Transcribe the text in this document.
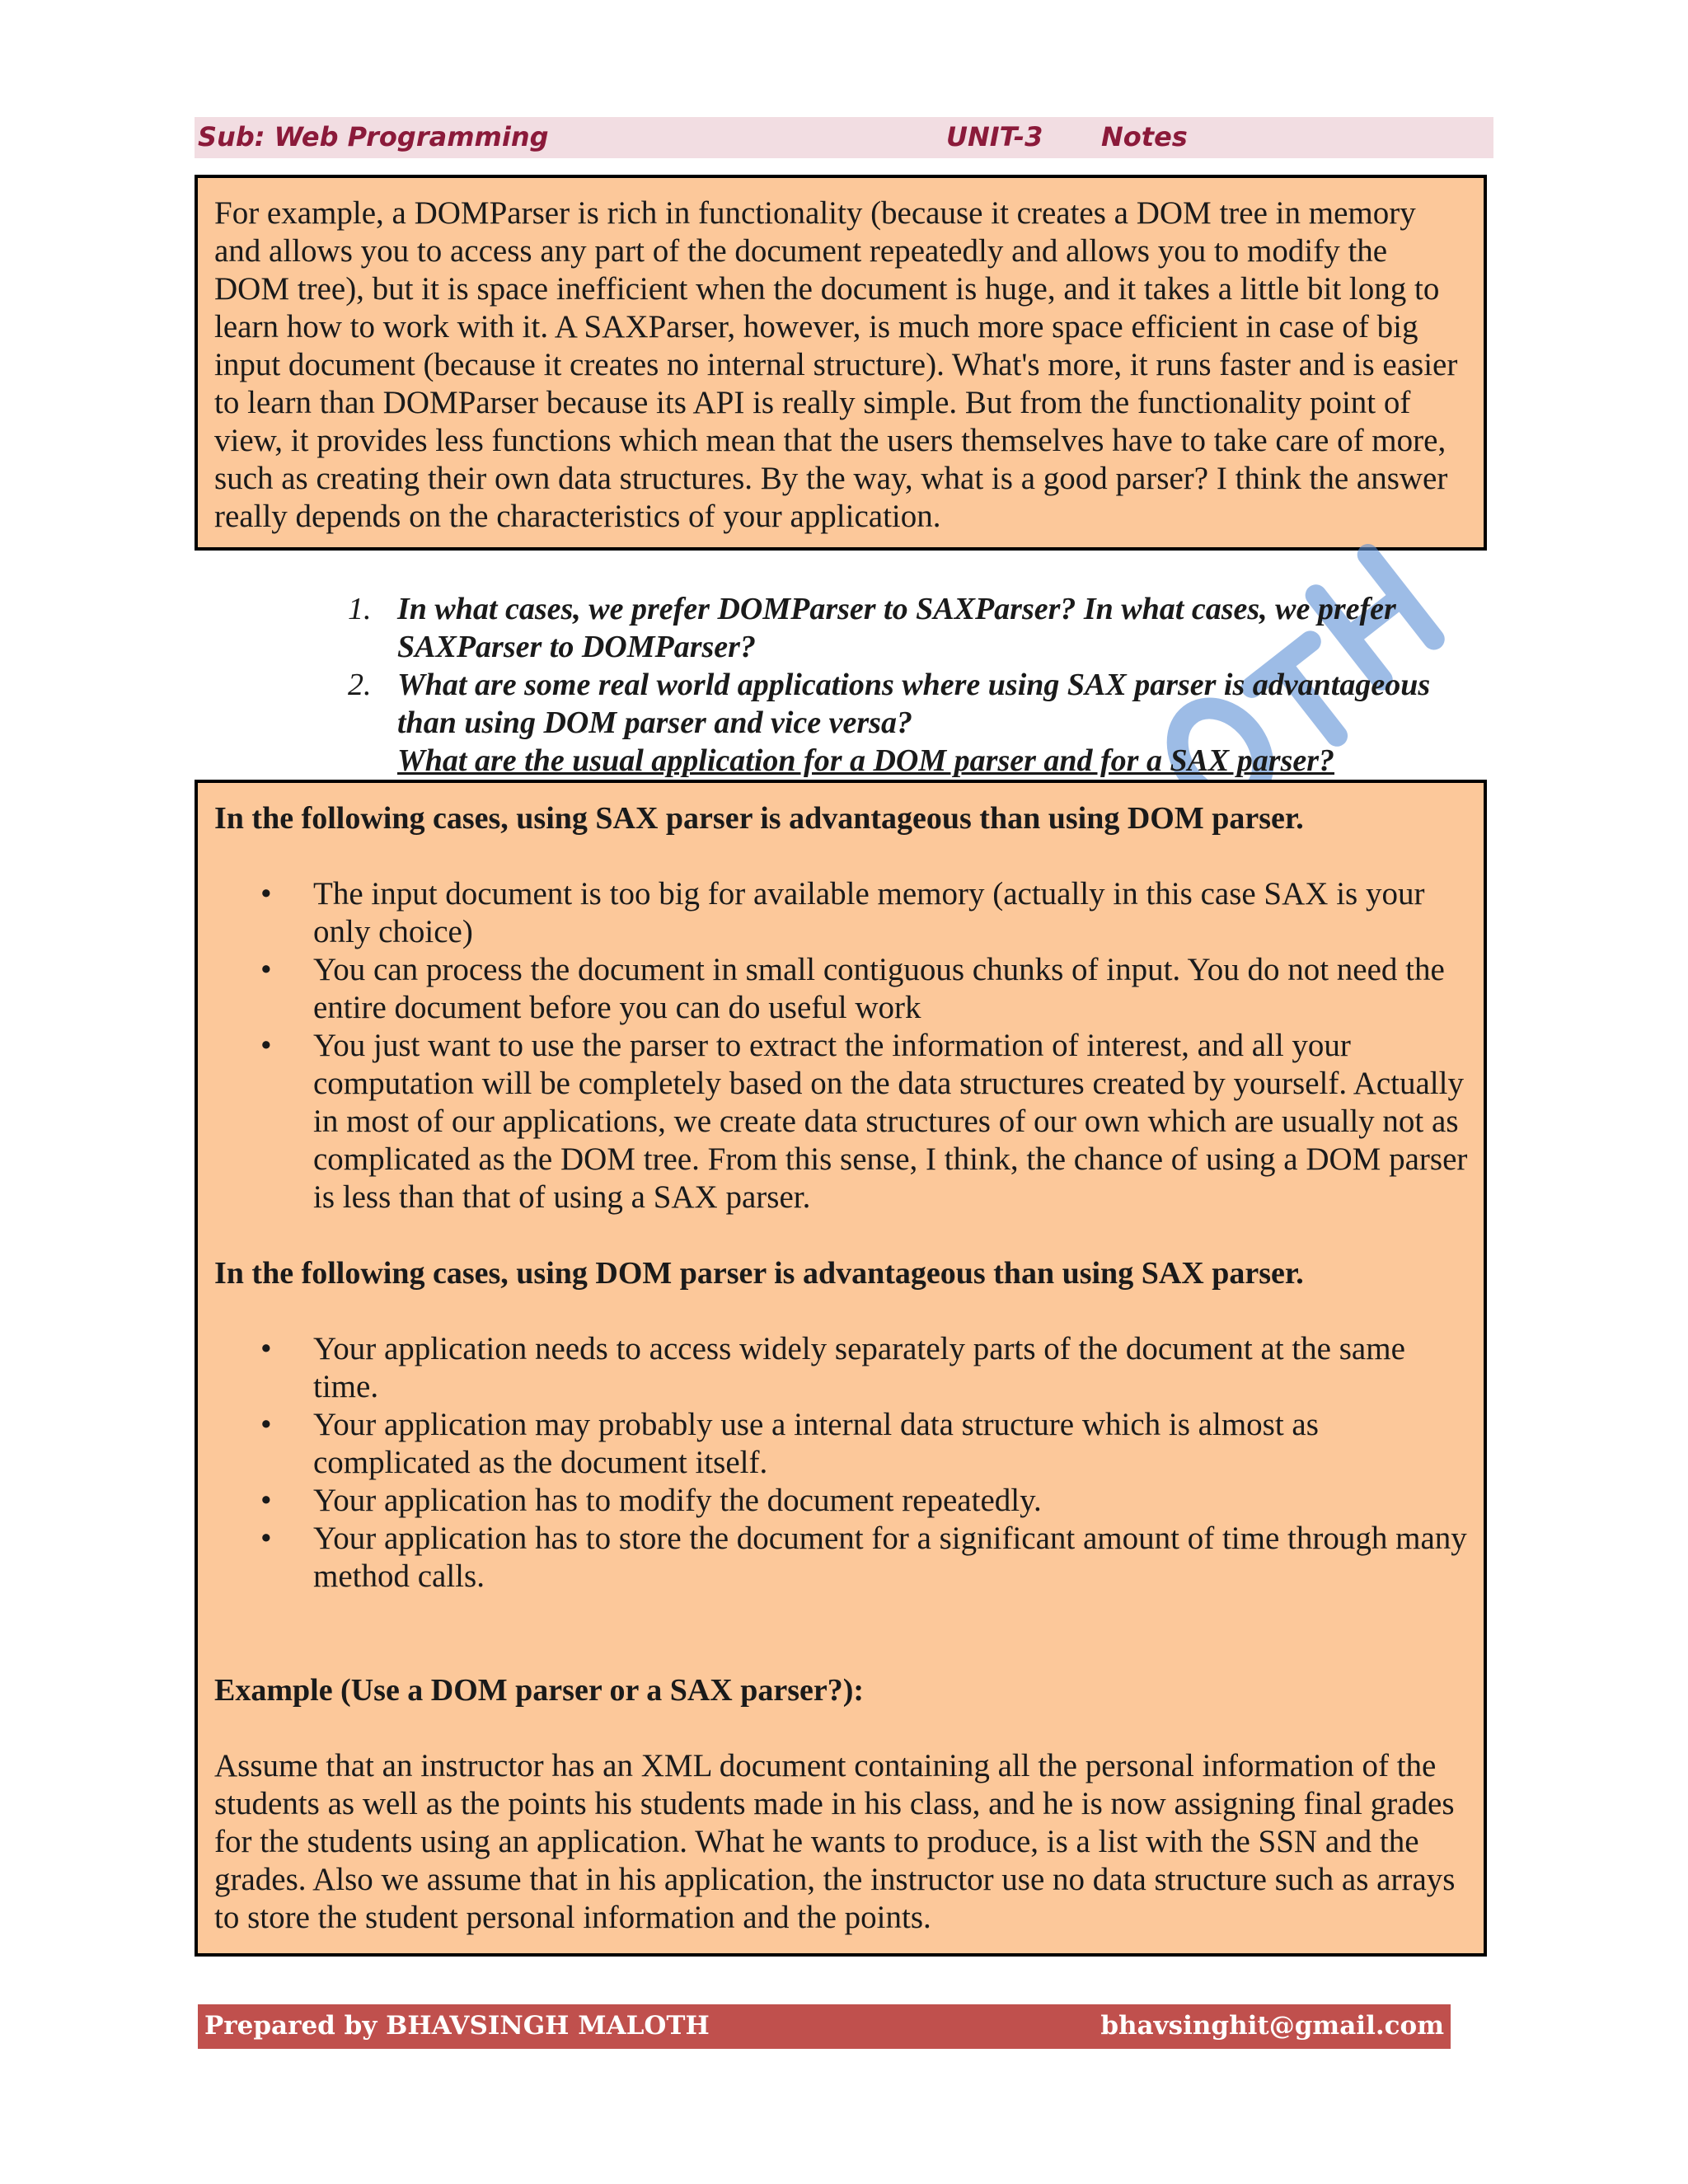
Sub: Web Programming	UNIT-3 Notes

For example, a DOMParser is rich in functionality (because it creates a DOM tree in memory and allows you to access any part of the document repeatedly and allows you to modify the DOM tree), but it is space inefficient when the document is huge, and it takes a little bit long to learn how to work with it. A SAXParser, however, is much more space efficient in case of big input document (because it creates no internal structure). What's more, it runs faster and is easier to learn than DOMParser because its API is really simple. But from the functionality point of view, it provides less functions which mean that the users themselves have to take care of more, such as creating their own data structures. By the way, what is a good parser? I think the answer really depends on the characteristics of your application.

1. In what cases, we prefer DOMParser to SAXParser? In what cases, we prefer SAXParser to DOMParser?
2. What are some real world applications where using SAX parser is advantageous than using DOM parser and vice versa?
What are the usual application for a DOM parser and for a SAX parser?

In the following cases, using SAX parser is advantageous than using DOM parser.

• The input document is too big for available memory (actually in this case SAX is your only choice)
• You can process the document in small contiguous chunks of input. You do not need the entire document before you can do useful work
• You just want to use the parser to extract the information of interest, and all your computation will be completely based on the data structures created by yourself. Actually in most of our applications, we create data structures of our own which are usually not as complicated as the DOM tree. From this sense, I think, the chance of using a DOM parser is less than that of using a SAX parser.

In the following cases, using DOM parser is advantageous than using SAX parser.

• Your application needs to access widely separately parts of the document at the same time.
• Your application may probably use a internal data structure which is almost as complicated as the document itself.
• Your application has to modify the document repeatedly.
• Your application has to store the document for a significant amount of time through many method calls.

Example (Use a DOM parser or a SAX parser?):

Assume that an instructor has an XML document containing all the personal information of the students as well as the points his students made in his class, and he is now assigning final grades for the students using an application. What he wants to produce, is a list with the SSN and the grades. Also we assume that in his application, the instructor use no data structure such as arrays to store the student personal information and the points.

Prepared by BHAVSINGH MALOTH	bhavsinghit@gmail.com
